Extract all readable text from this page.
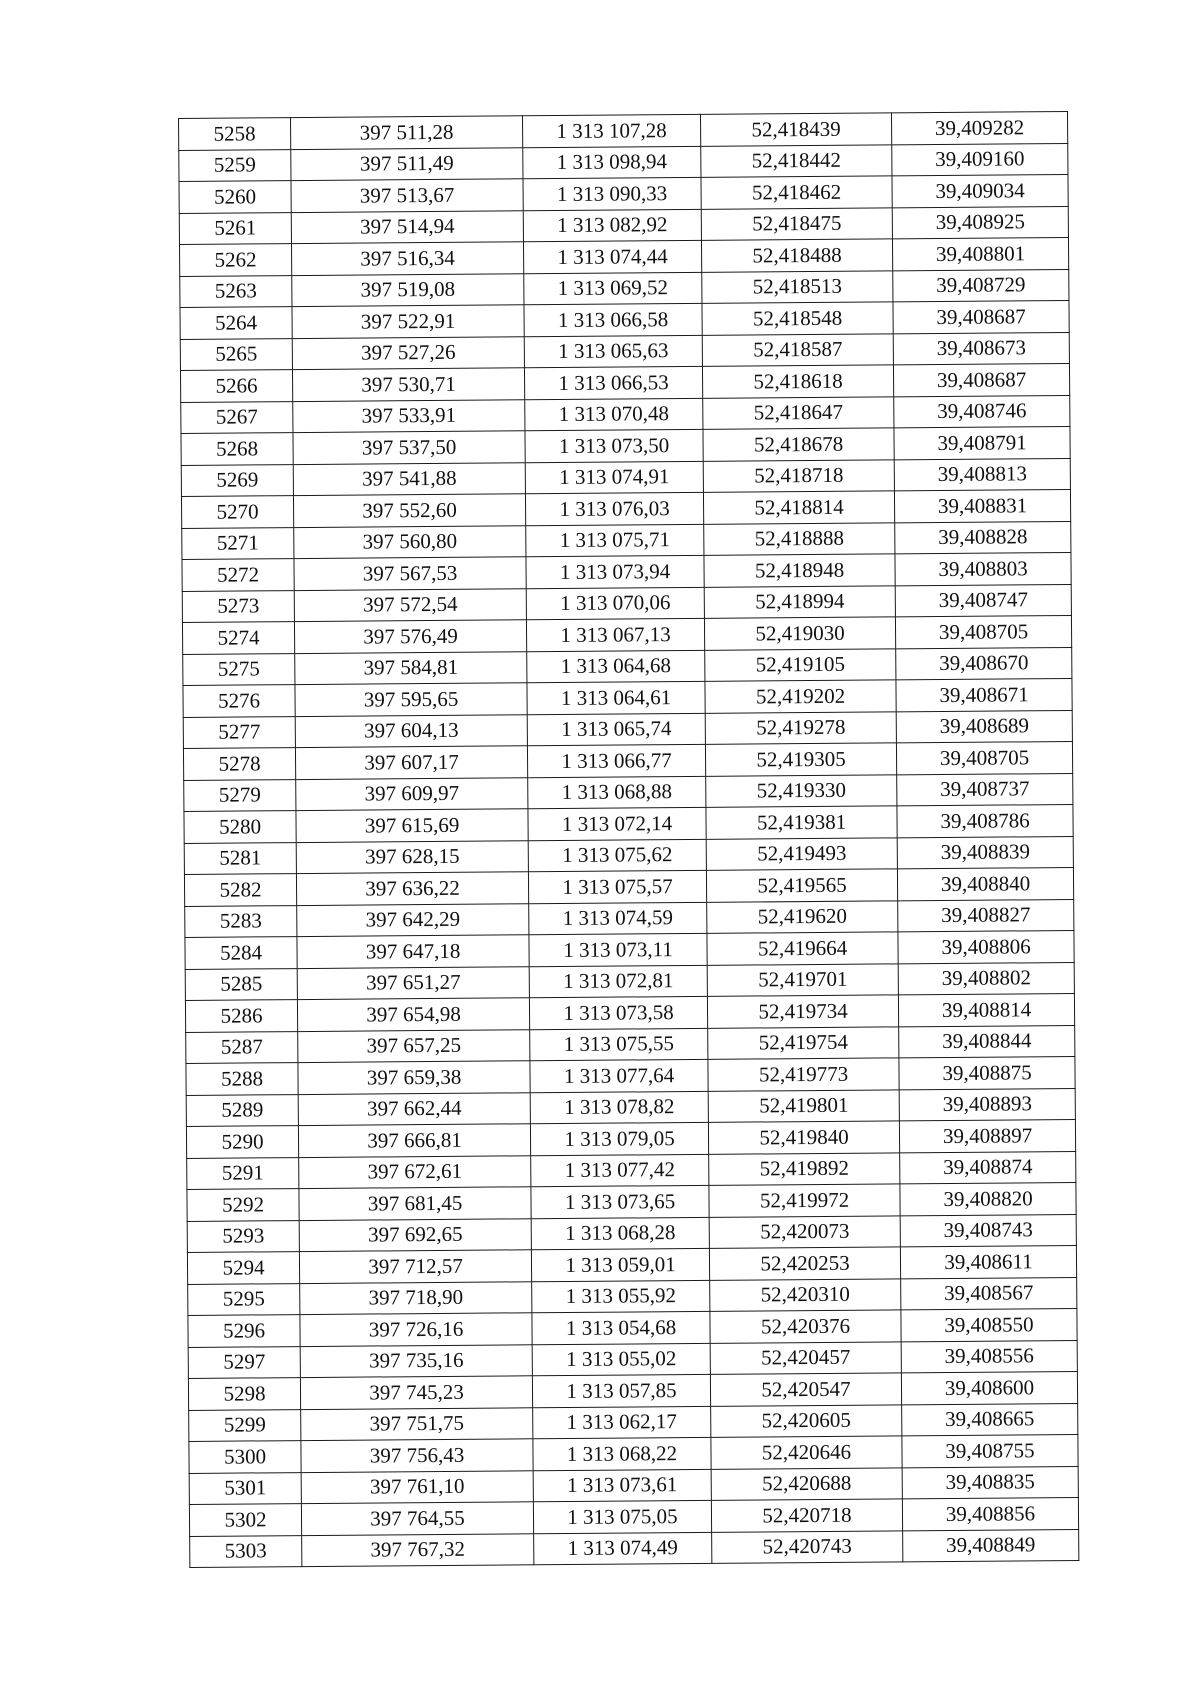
5258	397 511,28	1 313 107,28	52,418439	39,409282
5259	397 511,49	1 313 098,94	52,418442	39,409160
5260	397 513,67	1 313 090,33	52,418462	39,409034
5261	397 514,94	1 313 082,92	52,418475	39,408925
5262	397 516,34	1 313 074,44	52,418488	39,408801
5263	397 519,08	1 313 069,52	52,418513	39,408729
5264	397 522,91	1 313 066,58	52,418548	39,408687
5265	397 527,26	1 313 065,63	52,418587	39,408673
5266	397 530,71	1 313 066,53	52,418618	39,408687
5267	397 533,91	1 313 070,48	52,418647	39,408746
5268	397 537,50	1 313 073,50	52,418678	39,408791
5269	397 541,88	1 313 074,91	52,418718	39,408813
5270	397 552,60	1 313 076,03	52,418814	39,408831
5271	397 560,80	1 313 075,71	52,418888	39,408828
5272	397 567,53	1 313 073,94	52,418948	39,408803
5273	397 572,54	1 313 070,06	52,418994	39,408747
5274	397 576,49	1 313 067,13	52,419030	39,408705
5275	397 584,81	1 313 064,68	52,419105	39,408670
5276	397 595,65	1 313 064,61	52,419202	39,408671
5277	397 604,13	1 313 065,74	52,419278	39,408689
5278	397 607,17	1 313 066,77	52,419305	39,408705
5279	397 609,97	1 313 068,88	52,419330	39,408737
5280	397 615,69	1 313 072,14	52,419381	39,408786
5281	397 628,15	1 313 075,62	52,419493	39,408839
5282	397 636,22	1 313 075,57	52,419565	39,408840
5283	397 642,29	1 313 074,59	52,419620	39,408827
5284	397 647,18	1 313 073,11	52,419664	39,408806
5285	397 651,27	1 313 072,81	52,419701	39,408802
5286	397 654,98	1 313 073,58	52,419734	39,408814
5287	397 657,25	1 313 075,55	52,419754	39,408844
5288	397 659,38	1 313 077,64	52,419773	39,408875
5289	397 662,44	1 313 078,82	52,419801	39,408893
5290	397 666,81	1 313 079,05	52,419840	39,408897
5291	397 672,61	1 313 077,42	52,419892	39,408874
5292	397 681,45	1 313 073,65	52,419972	39,408820
5293	397 692,65	1 313 068,28	52,420073	39,408743
5294	397 712,57	1 313 059,01	52,420253	39,408611
5295	397 718,90	1 313 055,92	52,420310	39,408567
5296	397 726,16	1 313 054,68	52,420376	39,408550
5297	397 735,16	1 313 055,02	52,420457	39,408556
5298	397 745,23	1 313 057,85	52,420547	39,408600
5299	397 751,75	1 313 062,17	52,420605	39,408665
5300	397 756,43	1 313 068,22	52,420646	39,408755
5301	397 761,10	1 313 073,61	52,420688	39,408835
5302	397 764,55	1 313 075,05	52,420718	39,408856
5303	397 767,32	1 313 074,49	52,420743	39,408849
